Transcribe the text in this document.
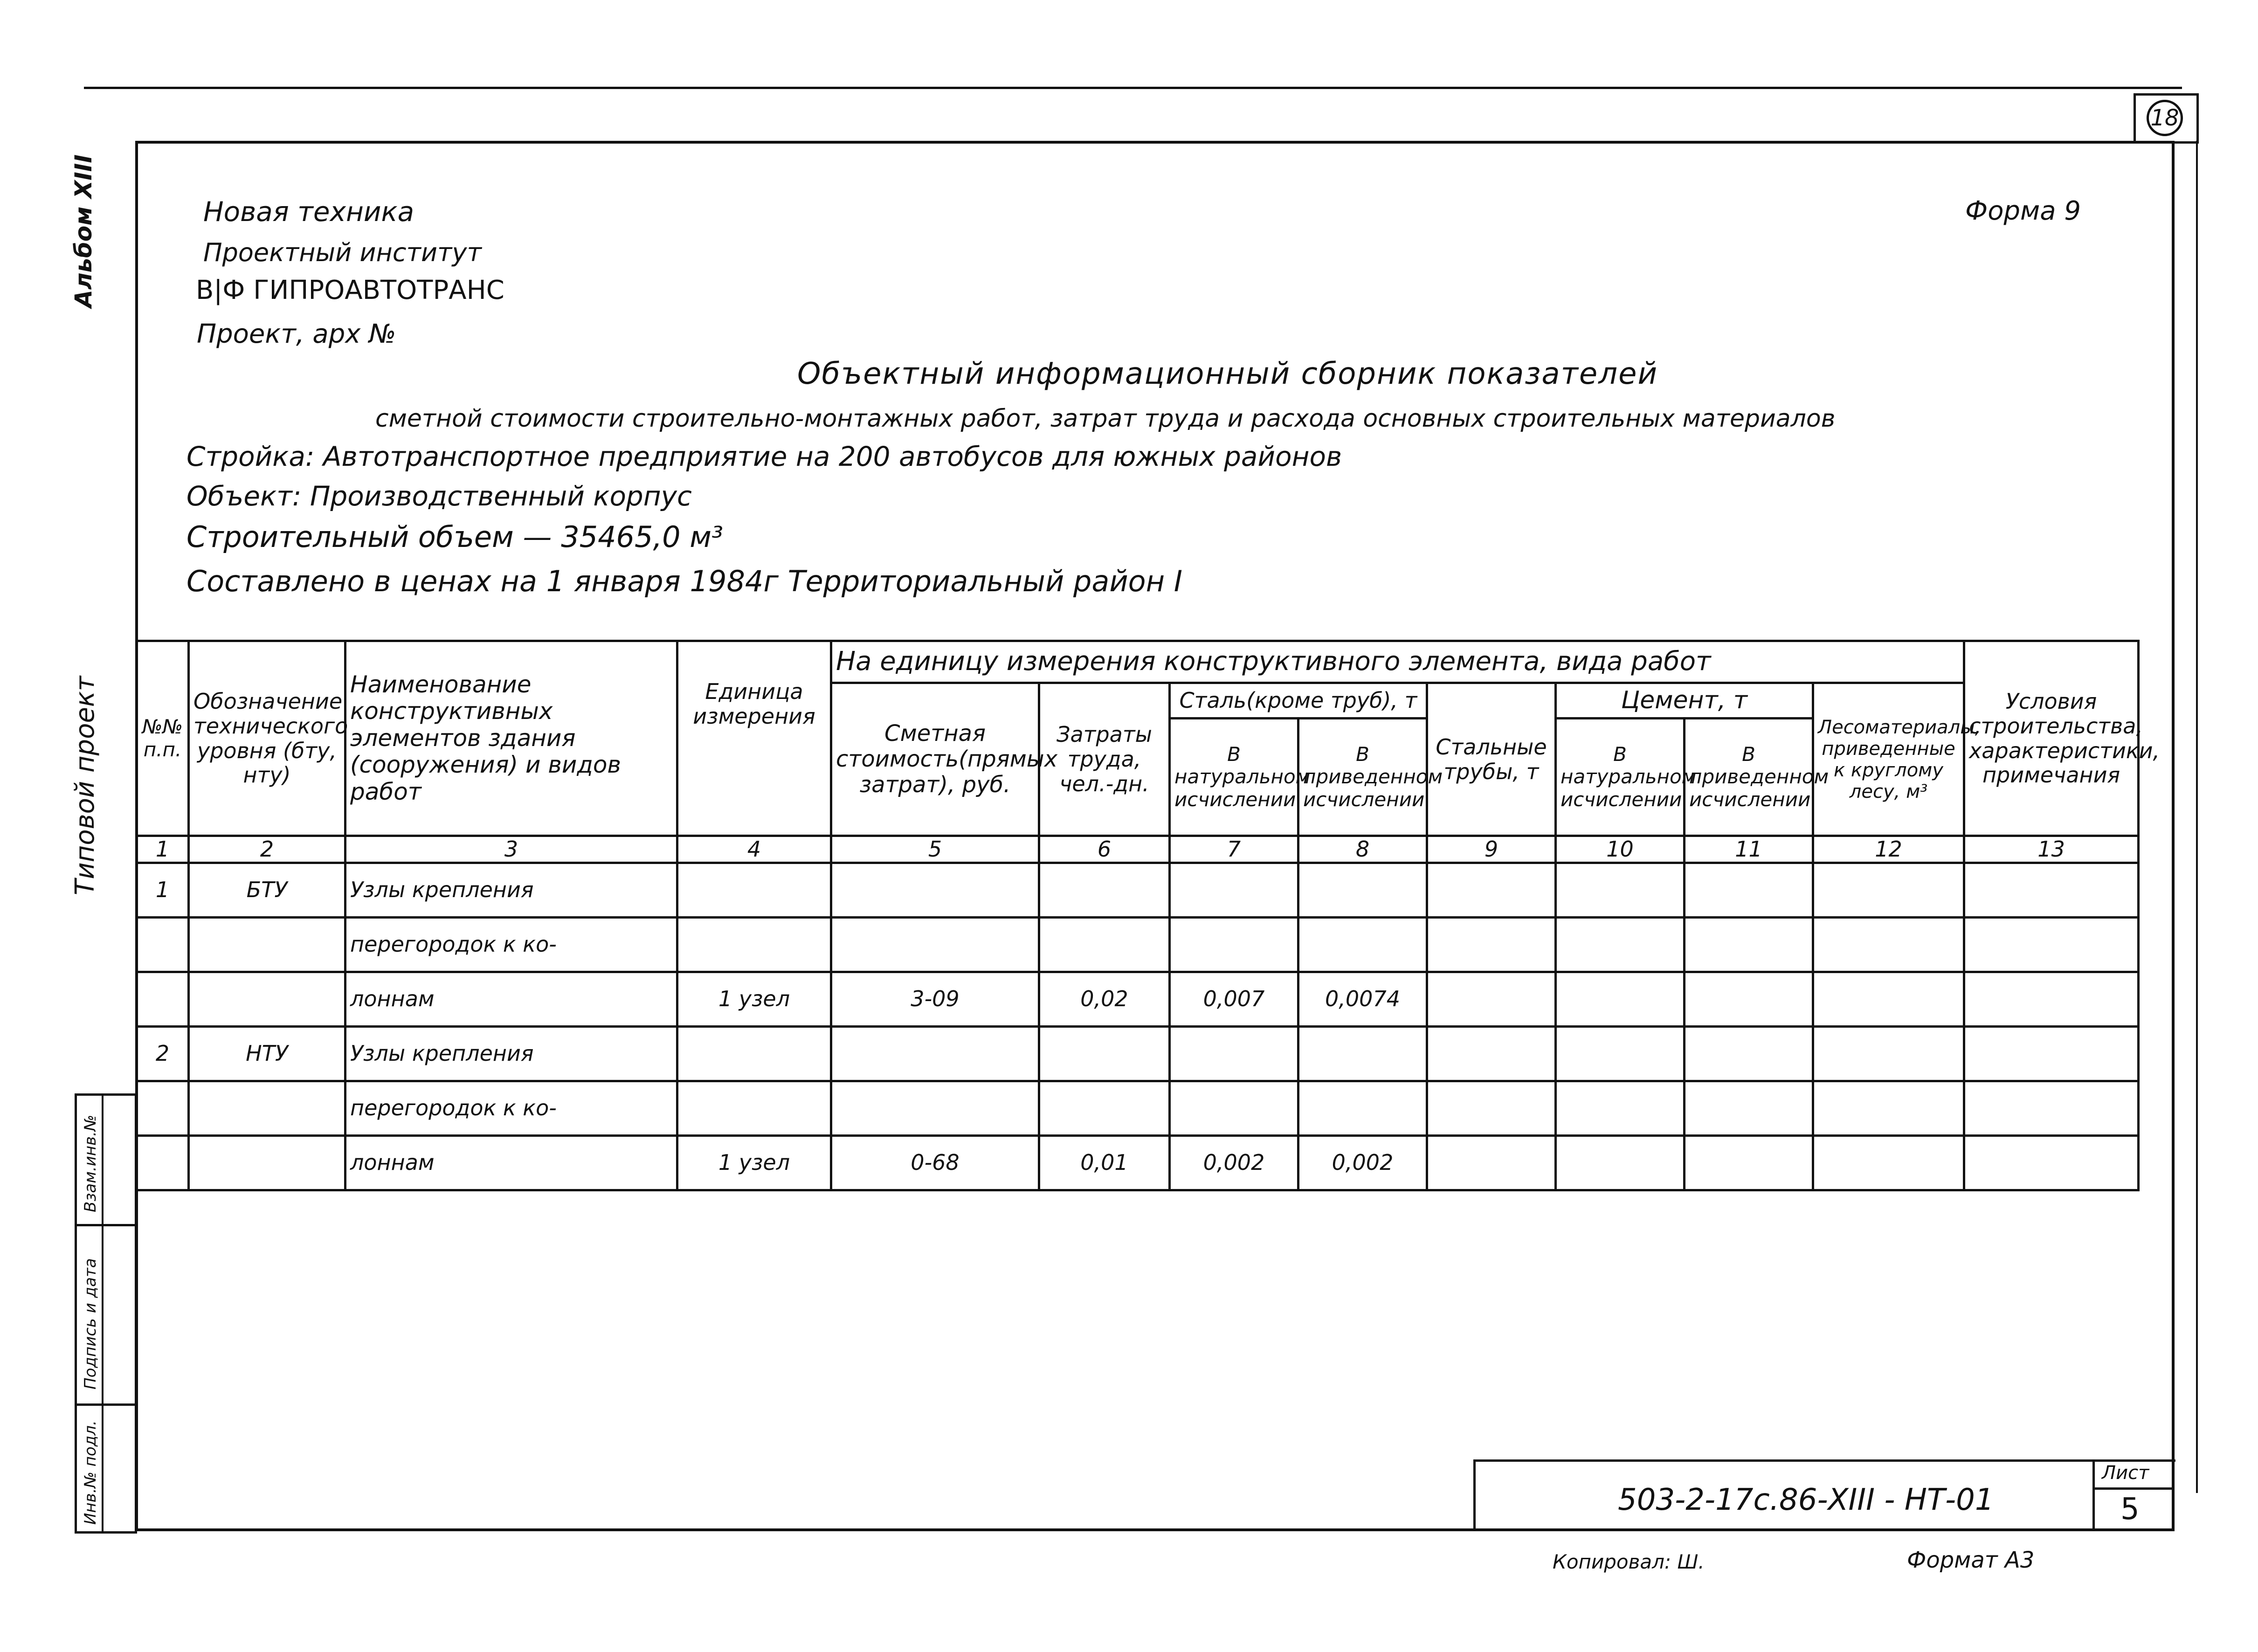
18
Альбом XIII
Типовой проект
Взам.инв.№
Подпись и дата
Инв.№ подл.
Новая техника
Проектный институт
В|Ф ГИПРОАВТОТРАНС
Проект, арх №
Форма 9
Объектный информационный сборник показателей
сметной стоимости строительно-монтажных работ, затрат труда и расхода основных строительных материалов
Стройка: Автотранспортное предприятие на 200 автобусов для южных районов
Объект: Производственный корпус
Строительный объем — 35465,0 м³
Составлено в ценах на 1 января 1984г Территориальный район I
№№ п.п.	Обозначение технического уровня (бту, нту)	Наименование конструктивных элементов здания (сооружения) и видов работ	Единица измерения	На единицу измерения конструктивного элемента, вида работ								Условия строительства, характеристики, примечания
				Сметная стоимость(прямых затрат), руб.	Затраты труда, чел.-дн.	Сталь(кроме труб), т		Стальные трубы, т	Цемент, т		Лесоматериалы, приведенные к круглому лесу, м³	
						В натуральном исчислении	В приведенном исчислении		В натуральном исчислении	В приведенном исчислении		
1	2	3	4	5	6	7	8	9	10	11	12	13
1	БТУ	Узлы крепления										
		перегородок к ко-										
		лоннам	1 узел	3-09	0,02	0,007	0,0074					
2	НТУ	Узлы крепления										
		перегородок к ко-										
		лоннам	1 узел	0-68	0,01	0,002	0,002					
503-2-17с.86-XIII - НТ-01
Лист
5
Копировал: Ш.	Формат А3
